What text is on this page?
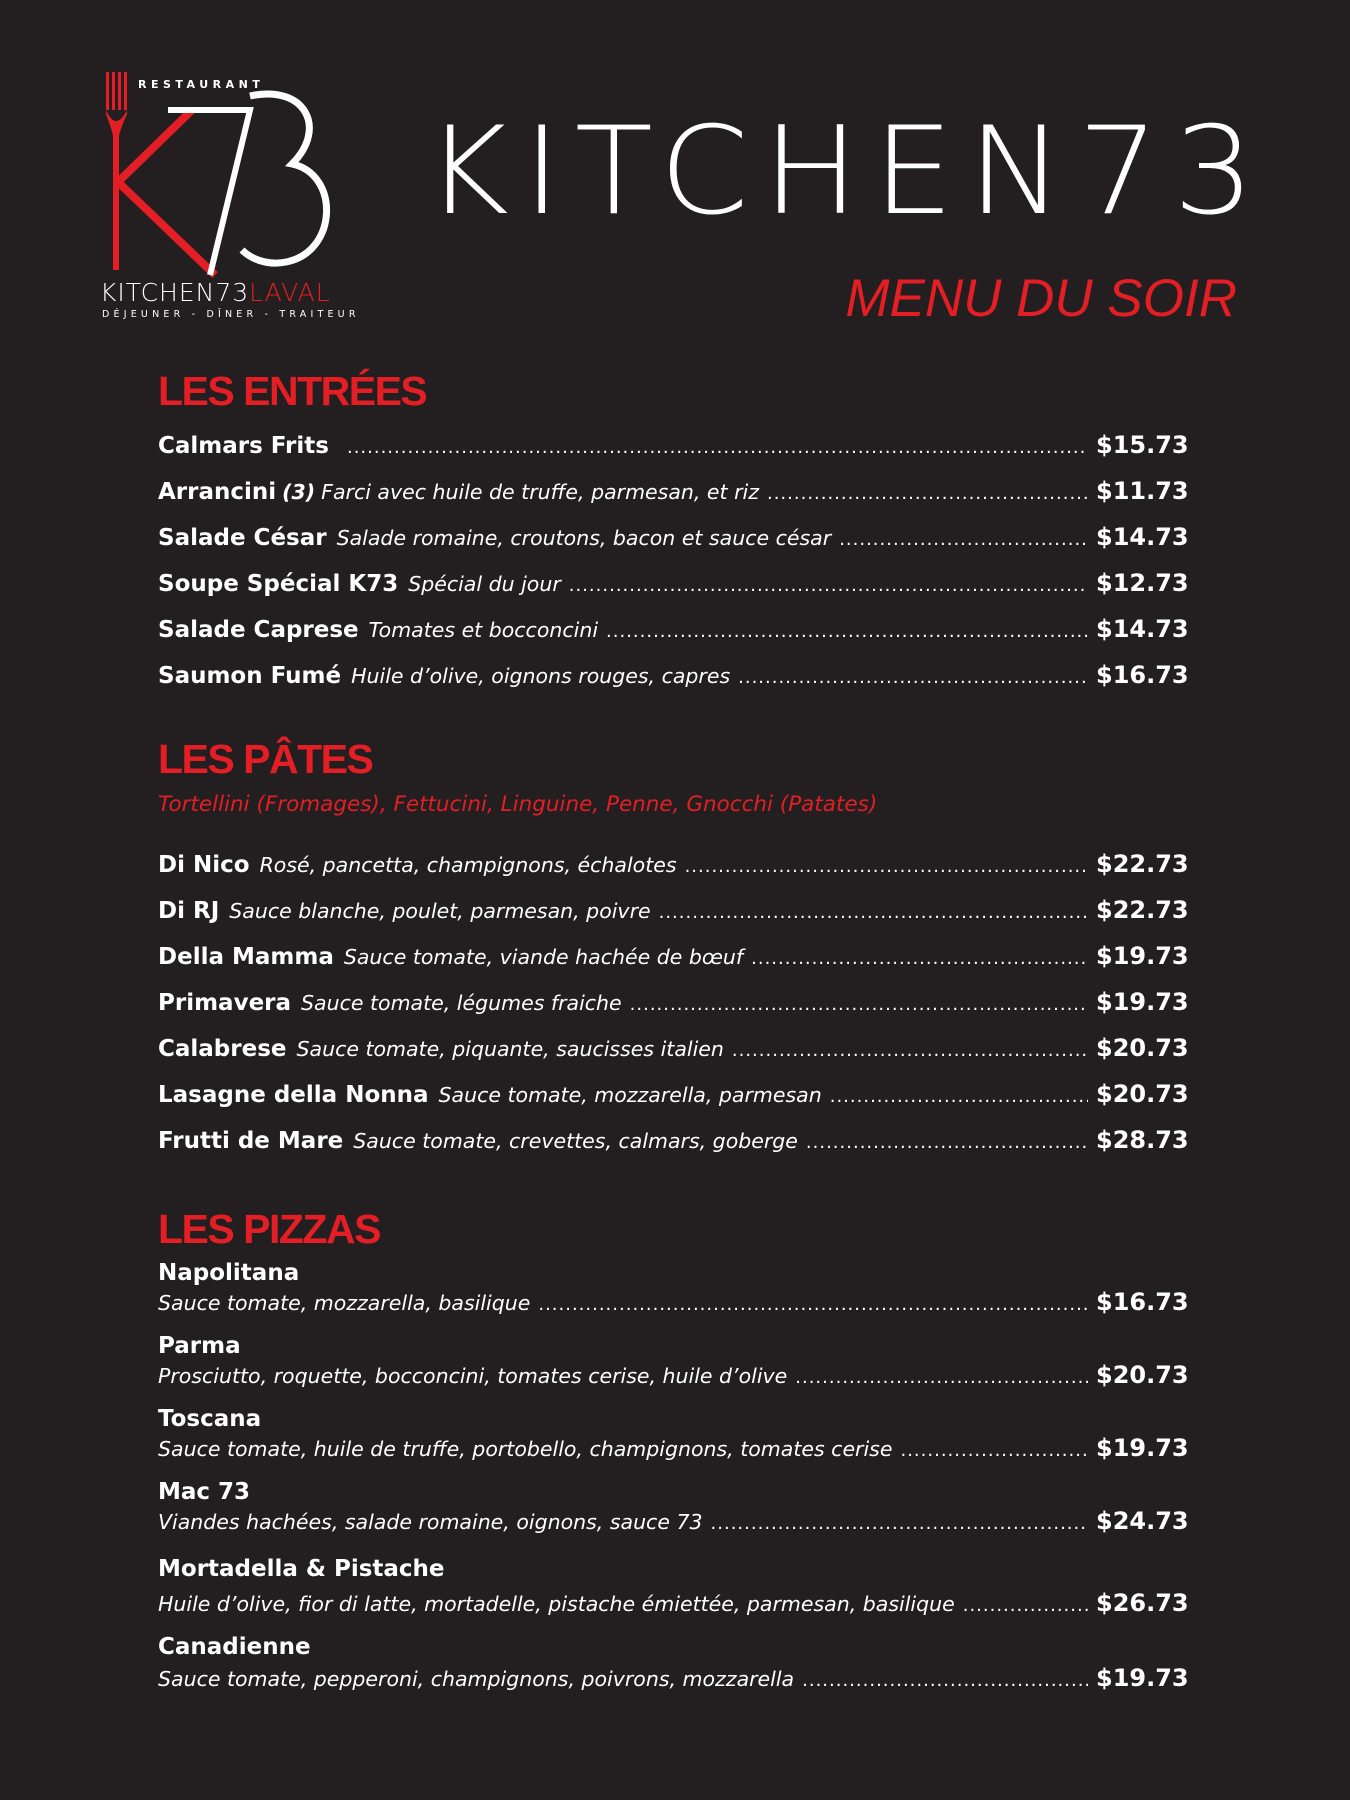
RESTAURANT
KITCHEN73LAVAL
DÉJEUNER - DÎNER - TRAITEUR
KITCHEN73
MENU DU SOIR
LES ENTRÉES
Calmars Frits .....	$15.73
Arrancini (3) Farci avec huile de truffe, parmesan, et riz .....	$11.73
Salade César Salade romaine, croutons, bacon et sauce césar .....	$14.73
Soupe Spécial K73 Spécial du jour .....	$12.73
Salade Caprese Tomates et bocconcini .....	$14.73
Saumon Fumé Huile d’olive, oignons rouges, capres .....	$16.73
LES PÂTES
Tortellini (Fromages), Fettucini, Linguine, Penne, Gnocchi (Patates)
Di Nico Rosé, pancetta, champignons, échalotes .....	$22.73
Di RJ Sauce blanche, poulet, parmesan, poivre .....	$22.73
Della Mamma Sauce tomate, viande hachée de bœuf .....	$19.73
Primavera Sauce tomate, légumes fraiche .....	$19.73
Calabrese Sauce tomate, piquante, saucisses italien .....	$20.73
Lasagne della Nonna Sauce tomate, mozzarella, parmesan .....	$20.73
Frutti de Mare Sauce tomate, crevettes, calmars, goberge .....	$28.73
LES PIZZAS
Napolitana
Sauce tomate, mozzarella, basilique .....	$16.73
Parma
Prosciutto, roquette, bocconcini, tomates cerise, huile d’olive .....	$20.73
Toscana
Sauce tomate, huile de truffe, portobello, champignons, tomates cerise .....	$19.73
Mac 73
Viandes hachées, salade romaine, oignons, sauce 73 .....	$24.73
Mortadella & Pistache
Huile d’olive, fior di latte, mortadelle, pistache émiettée, parmesan, basilique .....	$26.73
Canadienne
Sauce tomate, pepperoni, champignons, poivrons, mozzarella .....	$19.73
